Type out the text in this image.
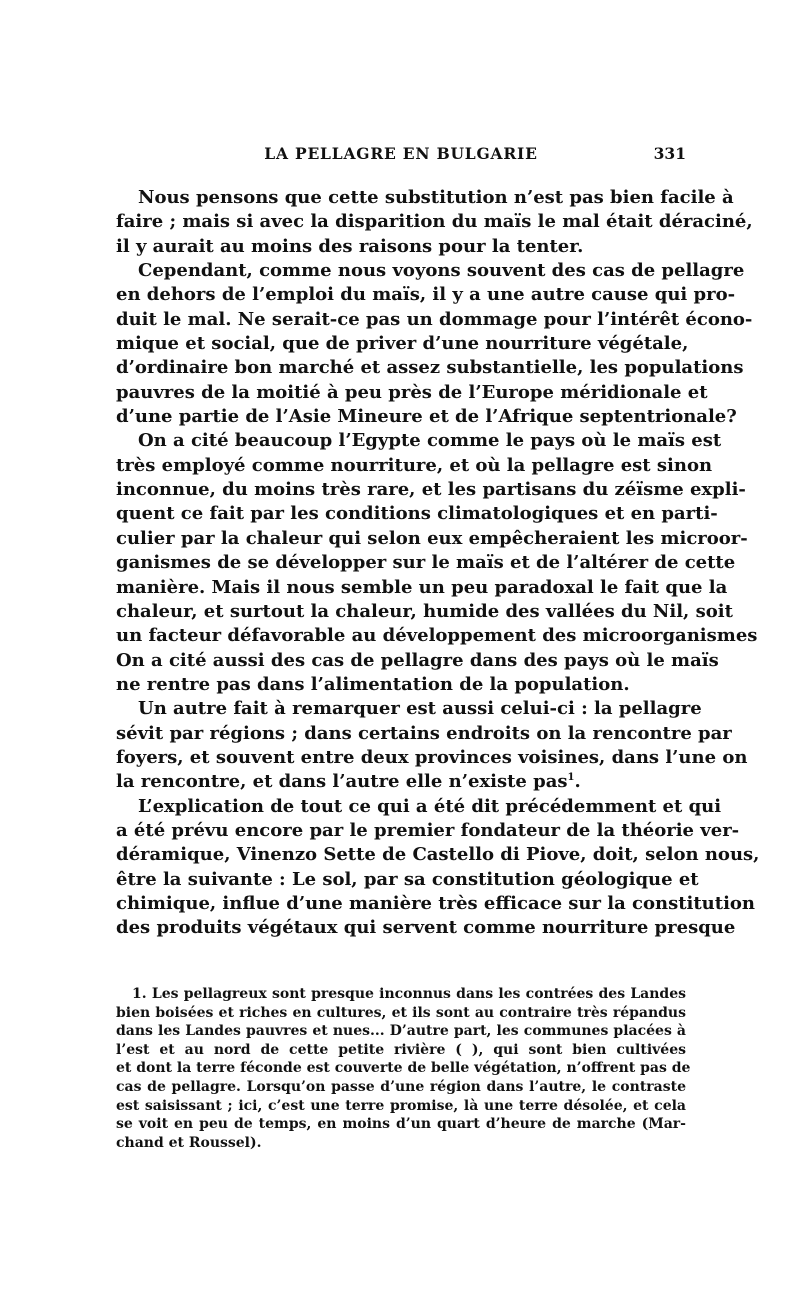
LA PELLAGRE EN BULGARIE	331
Nous pensons que cette substitution n’est pas bien facile à
faire ; mais si avec la disparition du maïs le mal était déraciné,
il y aurait au moins des raisons pour la tenter.
Cependant, comme nous voyons souvent des cas de pellagre
en dehors de l’emploi du maïs, il y a une autre cause qui pro-
duit le mal. Ne serait-ce pas un dommage pour l’intérêt écono-
mique et social, que de priver d’une nourriture végétale,
d’ordinaire bon marché et assez substantielle, les populations
pauvres de la moitié à peu près de l’Europe méridionale et
d’une partie de l’Asie Mineure et de l’Afrique septentrionale?
On a cité beaucoup l’Egypte comme le pays où le maïs est
très employé comme nourriture, et où la pellagre est sinon
inconnue, du moins très rare, et les partisans du zéïsme expli-
quent ce fait par les conditions climatologiques et en parti-
culier par la chaleur qui selon eux empêcheraient les microor-
ganismes de se développer sur le maïs et de l’altérer de cette
manière. Mais il nous semble un peu paradoxal le fait que la
chaleur, et surtout la chaleur, humide des vallées du Nil, soit
un facteur défavorable au développement des microorganismes
On a cité aussi des cas de pellagre dans des pays où le maïs
ne rentre pas dans l’alimentation de la population.
Un autre fait à remarquer est aussi celui-ci : la pellagre
sévit par régions ; dans certains endroits on la rencontre par
foyers, et souvent entre deux provinces voisines, dans l’une on
la rencontre, et dans l’autre elle n’existe pas$^1$.
L’explication de tout ce qui a été dit précédemment et qui
a été prévu encore par le premier fondateur de la théorie ver-
déramique, Vinenzo Sette de Castello di Piove, doit, selon nous,
être la suivante : Le sol, par sa constitution géologique et
chimique, influe d’une manière très efficace sur la constitution
des produits végétaux qui servent comme nourriture presque
1. Les pellagreux sont presque inconnus dans les contrées des Landes
bien boisées et riches en cultures, et ils sont au contraire très répandus
dans les Landes pauvres et nues... D’autre part, les communes placées à
l’est et au nord de cette petite rivière ( ), qui sont bien cultivées
et dont la terre féconde est couverte de belle végétation, n’offrent pas de
cas de pellagre. Lorsqu’on passe d’une région dans l’autre, le contraste
est saisissant ; ici, c’est une terre promise, là une terre désolée, et cela
se voit en peu de temps, en moins d’un quart d’heure de marche (Mar-
chand et Roussel).
